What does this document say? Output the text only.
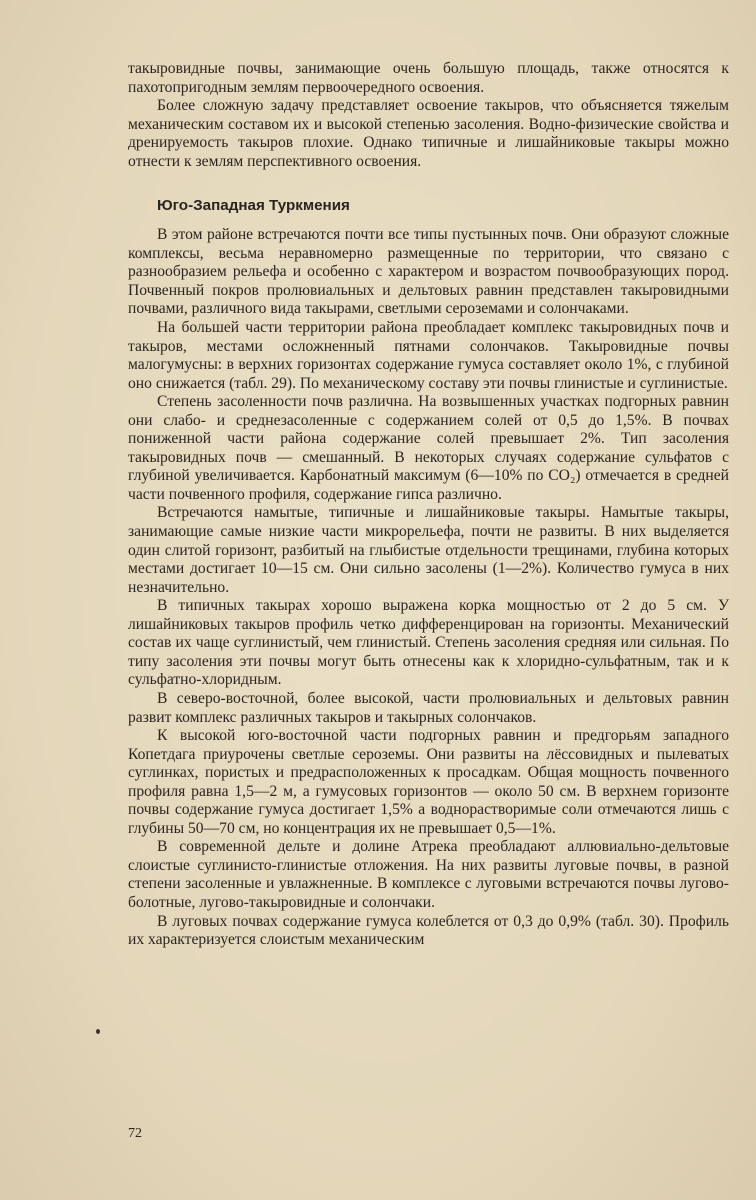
такыровидные почвы, занимающие очень большую площадь, также относятся к пахотопригодным землям первоочередного освоения.

Более сложную задачу представляет освоение такыров, что объясняется тяжелым механическим составом их и высокой степенью засоления. Водно-физические свойства и дренируемость такыров плохие. Однако типичные и лишайниковые такыры можно отнести к землям перспективного освоения.

Юго-Западная Туркмения

В этом районе встречаются почти все типы пустынных почв. Они образуют сложные комплексы, весьма неравномерно размещенные по территории, что связано с разнообразием рельефа и особенно с характером и возрастом почвообразующих пород. Почвенный покров пролювиальных и дельтовых равнин представлен такыровидными почвами, различного вида такырами, светлыми сероземами и солончаками.

На большей части территории района преобладает комплекс такыровидных почв и такыров, местами осложненный пятнами солончаков. Такыровидные почвы малогумусны: в верхних горизонтах содержание гумуса составляет около 1%, с глубиной оно снижается (табл. 29). По механическому составу эти почвы глинистые и суглинистые.

Степень засоленности почв различна. На возвышенных участках подгорных равнин они слабо- и среднезасоленные с содержанием солей от 0,5 до 1,5%. В почвах пониженной части района содержание солей превышает 2%. Тип засоления такыровидных почв — смешанный. В некоторых случаях содержание сульфатов с глубиной увеличивается. Карбонатный максимум (6—10% по CO₂) отмечается в средней части почвенного профиля, содержание гипса различно.

Встречаются намытые, типичные и лишайниковые такыры. Намытые такыры, занимающие самые низкие части микрорельефа, почти не развиты. В них выделяется один слитой горизонт, разбитый на глыбистые отдельности трещинами, глубина которых местами достигает 10—15 см. Они сильно засолены (1—2%). Количество гумуса в них незначительно.

В типичных такырах хорошо выражена корка мощностью от 2 до 5 см. У лишайниковых такыров профиль четко дифференцирован на горизонты. Механический состав их чаще суглинистый, чем глинистый. Степень засоления средняя или сильная. По типу засоления эти почвы могут быть отнесены как к хлоридно-сульфатным, так и к сульфатно-хлоридным.

В северо-восточной, более высокой, части пролювиальных и дельтовых равнин развит комплекс различных такыров и такырных солончаков.

К высокой юго-восточной части подгорных равнин и предгорьям западного Копетдага приурочены светлые сероземы. Они развиты на лёссовидных и пылеватых суглинках, пористых и предрасположенных к просадкам. Общая мощность почвенного профиля равна 1,5—2 м, а гумусовых горизонтов — около 50 см. В верхнем горизонте почвы содержание гумуса достигает 1,5% а воднорастворимые соли отмечаются лишь с глубины 50—70 см, но концентрация их не превышает 0,5—1%.

В современной дельте и долине Атрека преобладают аллювиально-дельтовые слоистые суглинисто-глинистые отложения. На них развиты луговые почвы, в разной степени засоленные и увлажненные. В комплексе с луговыми встречаются почвы лугово-болотные, лугово-такыровидные и солончаки.

В луговых почвах содержание гумуса колеблется от 0,3 до 0,9% (табл. 30). Профиль их характеризуется слоистым механическим

72
